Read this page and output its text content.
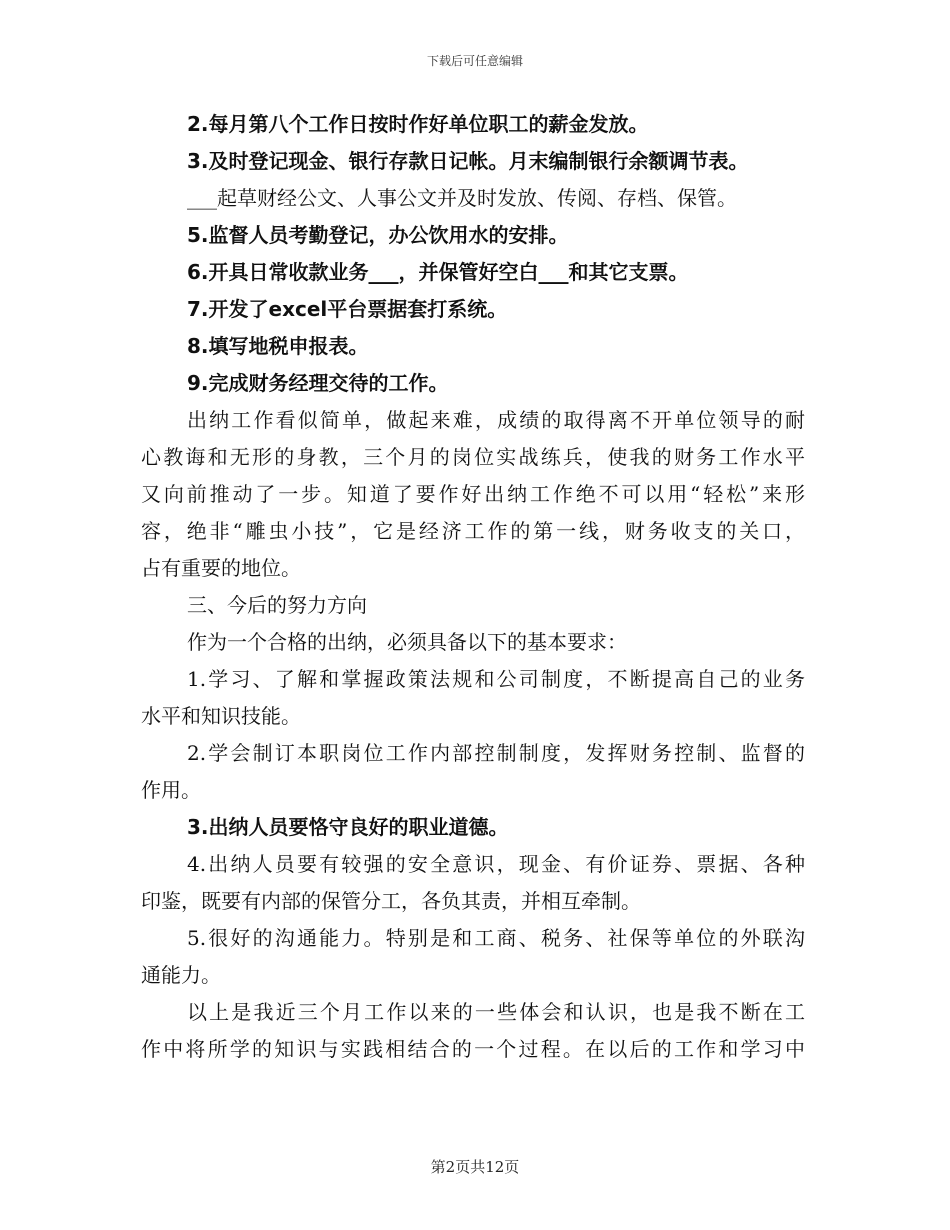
下载后可任意编辑
2.每月第八个工作日按时作好单位职工的薪金发放。
3.及时登记现金、银行存款日记帐。月末编制银行余额调节表。
___起草财经公文、人事公文并及时发放、传阅、存档、保管。
5.监督人员考勤登记，办公饮用水的安排。
6.开具日常收款业务___，并保管好空白___和其它支票。
7.开发了excel平台票据套打系统。
8.填写地税申报表。
9.完成财务经理交待的工作。
出纳工作看似简单，做起来难，成绩的取得离不开单位领导的耐
心教诲和无形的身教，三个月的岗位实战练兵，使我的财务工作水平
又向前推动了一步。知道了要作好出纳工作绝不可以用“轻松”来形
容，绝非“雕虫小技”，它是经济工作的第一线，财务收支的关口，
占有重要的地位。
三、今后的努力方向
作为一个合格的出纳，必须具备以下的基本要求：
1.学习、了解和掌握政策法规和公司制度，不断提高自己的业务
水平和知识技能。
2.学会制订本职岗位工作内部控制制度，发挥财务控制、监督的
作用。
3.出纳人员要恪守良好的职业道德。
4.出纳人员要有较强的安全意识，现金、有价证券、票据、各种
印鉴，既要有内部的保管分工，各负其责，并相互牵制。
5.很好的沟通能力。特别是和工商、税务、社保等单位的外联沟
通能力。
以上是我近三个月工作以来的一些体会和认识，也是我不断在工
作中将所学的知识与实践相结合的一个过程。在以后的工作和学习中
第2页共12页
